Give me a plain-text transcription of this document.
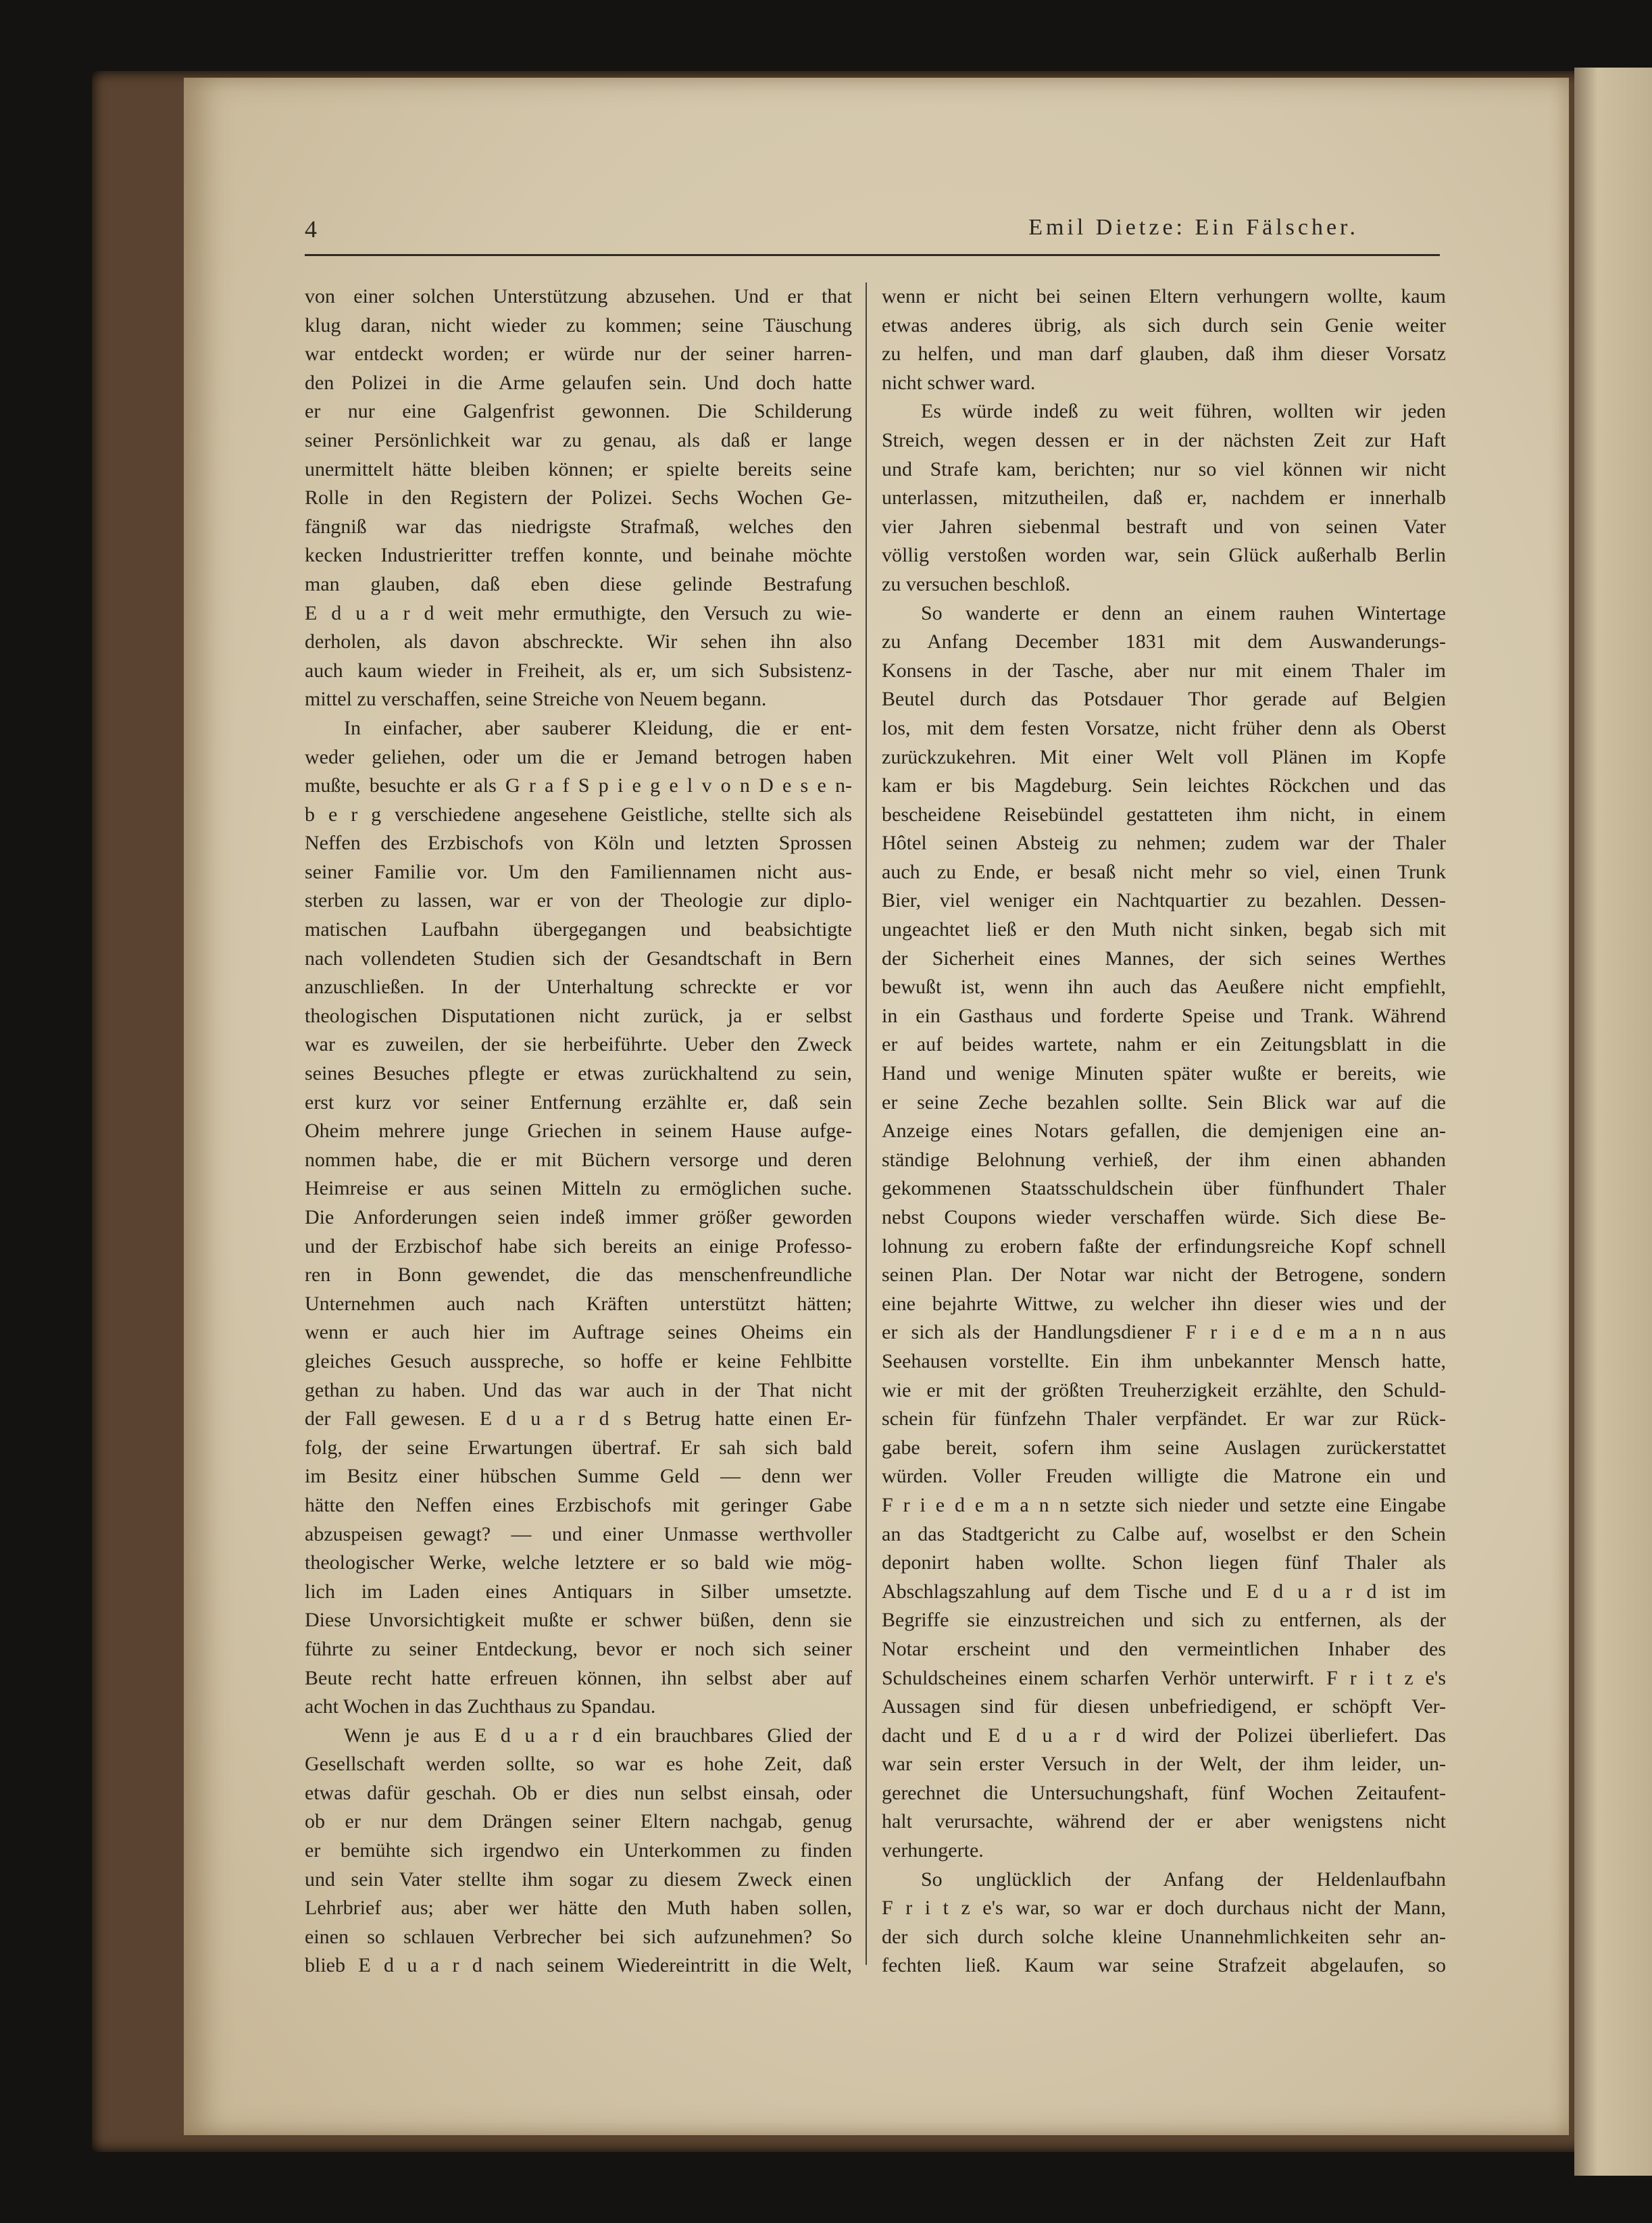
4	Emil Dietze: Ein Fälscher.
von einer solchen Unterstützung abzusehen. Und er that
klug daran, nicht wieder zu kommen; seine Täuschung
war entdeckt worden; er würde nur der seiner harren-
den Polizei in die Arme gelaufen sein. Und doch hatte
er nur eine Galgenfrist gewonnen. Die Schilderung
seiner Persönlichkeit war zu genau, als daß er lange
unermittelt hätte bleiben können; er spielte bereits seine
Rolle in den Registern der Polizei. Sechs Wochen Ge-
fängniß war das niedrigste Strafmaß, welches den
kecken Industrieritter treffen konnte, und beinahe möchte
man glauben, daß eben diese gelinde Bestrafung
E d u a r d weit mehr ermuthigte, den Versuch zu wie-
derholen, als davon abschreckte. Wir sehen ihn also
auch kaum wieder in Freiheit, als er, um sich Subsistenz-
mittel zu verschaffen, seine Streiche von Neuem begann.
In einfacher, aber sauberer Kleidung, die er ent-
weder geliehen, oder um die er Jemand betrogen haben
mußte, besuchte er als G r a f S p i e g e l v o n D e s e n-
b e r g verschiedene angesehene Geistliche, stellte sich als
Neffen des Erzbischofs von Köln und letzten Sprossen
seiner Familie vor. Um den Familiennamen nicht aus-
sterben zu lassen, war er von der Theologie zur diplo-
matischen Laufbahn übergegangen und beabsichtigte
nach vollendeten Studien sich der Gesandtschaft in Bern
anzuschließen. In der Unterhaltung schreckte er vor
theologischen Disputationen nicht zurück, ja er selbst
war es zuweilen, der sie herbeiführte. Ueber den Zweck
seines Besuches pflegte er etwas zurückhaltend zu sein,
erst kurz vor seiner Entfernung erzählte er, daß sein
Oheim mehrere junge Griechen in seinem Hause aufge-
nommen habe, die er mit Büchern versorge und deren
Heimreise er aus seinen Mitteln zu ermöglichen suche.
Die Anforderungen seien indeß immer größer geworden
und der Erzbischof habe sich bereits an einige Professo-
ren in Bonn gewendet, die das menschenfreundliche
Unternehmen auch nach Kräften unterstützt hätten;
wenn er auch hier im Auftrage seines Oheims ein
gleiches Gesuch ausspreche, so hoffe er keine Fehlbitte
gethan zu haben. Und das war auch in der That nicht
der Fall gewesen. E d u a r d s Betrug hatte einen Er-
folg, der seine Erwartungen übertraf. Er sah sich bald
im Besitz einer hübschen Summe Geld — denn wer
hätte den Neffen eines Erzbischofs mit geringer Gabe
abzuspeisen gewagt? — und einer Unmasse werthvoller
theologischer Werke, welche letztere er so bald wie mög-
lich im Laden eines Antiquars in Silber umsetzte.
Diese Unvorsichtigkeit mußte er schwer büßen, denn sie
führte zu seiner Entdeckung, bevor er noch sich seiner
Beute recht hatte erfreuen können, ihn selbst aber auf
acht Wochen in das Zuchthaus zu Spandau.
Wenn je aus E d u a r d ein brauchbares Glied der
Gesellschaft werden sollte, so war es hohe Zeit, daß
etwas dafür geschah. Ob er dies nun selbst einsah, oder
ob er nur dem Drängen seiner Eltern nachgab, genug
er bemühte sich irgendwo ein Unterkommen zu finden
und sein Vater stellte ihm sogar zu diesem Zweck einen
Lehrbrief aus; aber wer hätte den Muth haben sollen,
einen so schlauen Verbrecher bei sich aufzunehmen? So
blieb E d u a r d nach seinem Wiedereintritt in die Welt,
wenn er nicht bei seinen Eltern verhungern wollte, kaum
etwas anderes übrig, als sich durch sein Genie weiter
zu helfen, und man darf glauben, daß ihm dieser Vorsatz
nicht schwer ward.
Es würde indeß zu weit führen, wollten wir jeden
Streich, wegen dessen er in der nächsten Zeit zur Haft
und Strafe kam, berichten; nur so viel können wir nicht
unterlassen, mitzutheilen, daß er, nachdem er innerhalb
vier Jahren siebenmal bestraft und von seinen Vater
völlig verstoßen worden war, sein Glück außerhalb Berlin
zu versuchen beschloß.
So wanderte er denn an einem rauhen Wintertage
zu Anfang December 1831 mit dem Auswanderungs-
Konsens in der Tasche, aber nur mit einem Thaler im
Beutel durch das Potsdauer Thor gerade auf Belgien
los, mit dem festen Vorsatze, nicht früher denn als Oberst
zurückzukehren. Mit einer Welt voll Plänen im Kopfe
kam er bis Magdeburg. Sein leichtes Röckchen und das
bescheidene Reisebündel gestatteten ihm nicht, in einem
Hôtel seinen Absteig zu nehmen; zudem war der Thaler
auch zu Ende, er besaß nicht mehr so viel, einen Trunk
Bier, viel weniger ein Nachtquartier zu bezahlen. Dessen-
ungeachtet ließ er den Muth nicht sinken, begab sich mit
der Sicherheit eines Mannes, der sich seines Werthes
bewußt ist, wenn ihn auch das Aeußere nicht empfiehlt,
in ein Gasthaus und forderte Speise und Trank. Während
er auf beides wartete, nahm er ein Zeitungsblatt in die
Hand und wenige Minuten später wußte er bereits, wie
er seine Zeche bezahlen sollte. Sein Blick war auf die
Anzeige eines Notars gefallen, die demjenigen eine an-
ständige Belohnung verhieß, der ihm einen abhanden
gekommenen Staatsschuldschein über fünfhundert Thaler
nebst Coupons wieder verschaffen würde. Sich diese Be-
lohnung zu erobern faßte der erfindungsreiche Kopf schnell
seinen Plan. Der Notar war nicht der Betrogene, sondern
eine bejahrte Wittwe, zu welcher ihn dieser wies und der
er sich als der Handlungsdiener F r i e d e m a n n aus
Seehausen vorstellte. Ein ihm unbekannter Mensch hatte,
wie er mit der größten Treuherzigkeit erzählte, den Schuld-
schein für fünfzehn Thaler verpfändet. Er war zur Rück-
gabe bereit, sofern ihm seine Auslagen zurückerstattet
würden. Voller Freuden willigte die Matrone ein und
F r i e d e m a n n setzte sich nieder und setzte eine Eingabe
an das Stadtgericht zu Calbe auf, woselbst er den Schein
deponirt haben wollte. Schon liegen fünf Thaler als
Abschlagszahlung auf dem Tische und E d u a r d ist im
Begriffe sie einzustreichen und sich zu entfernen, als der
Notar erscheint und den vermeintlichen Inhaber des
Schuldscheines einem scharfen Verhör unterwirft. F r i t z e's
Aussagen sind für diesen unbefriedigend, er schöpft Ver-
dacht und E d u a r d wird der Polizei überliefert. Das
war sein erster Versuch in der Welt, der ihm leider, un-
gerechnet die Untersuchungshaft, fünf Wochen Zeitaufent-
halt verursachte, während der er aber wenigstens nicht
verhungerte.
So unglücklich der Anfang der Heldenlaufbahn
F r i t z e's war, so war er doch durchaus nicht der Mann,
der sich durch solche kleine Unannehmlichkeiten sehr an-
fechten ließ. Kaum war seine Strafzeit abgelaufen, so
